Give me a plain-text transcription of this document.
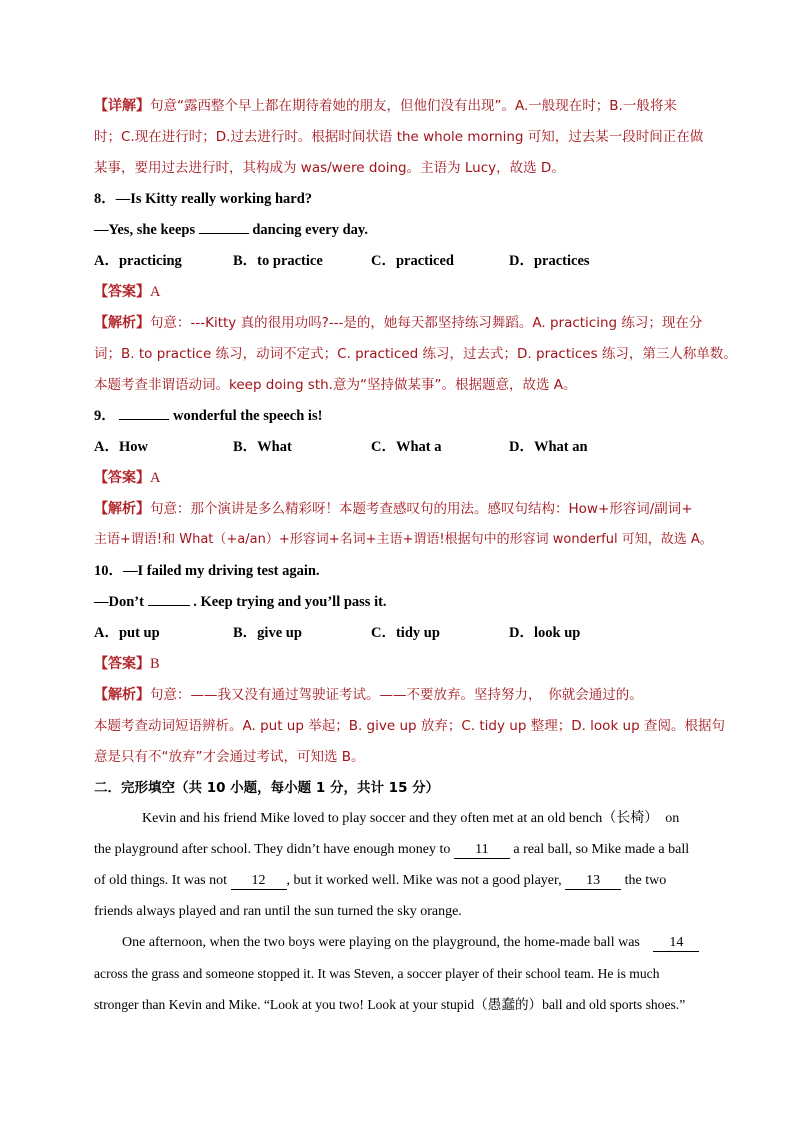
【详解】句意“露西整个早上都在期待着她的朋友，但他们没有出现”。A.一般现在时；B.一般将来
时；C.现在进行时；D.过去进行时。根据时间状语 the whole morning 可知，过去某一段时间正在做
某事，要用过去进行时，其构成为 was/were doing。主语为 Lucy，故选 D。
8．—Is Kitty really working hard?
—Yes, she keeps	dancing every day.
A．practicing	B．to practice	C．practiced	D．practices
【答案】A
【解析】句意：---Kitty 真的很用功吗?---是的，她每天都坚持练习舞蹈。A. practicing 练习；现在分
词；B. to practice 练习，动词不定式；C. practiced 练习，过去式；D. practices 练习，第三人称单数。
本题考查非谓语动词。keep doing sth.意为“坚持做某事”。根据题意，故选 A。
9．	wonderful the speech is!
A．How	B．What	C．What a	D．What an
【答案】A
【解析】句意：那个演讲是多么精彩呀！本题考查感叹句的用法。感叹句结构：How+形容词/副词+
主语+谓语!和 What（+a/an）+形容词+名词+主语+谓语!根据句中的形容词 wonderful 可知，故选 A。
10．—I failed my driving test again.
—Don’t	. Keep trying and you’ll pass it.
A．put up	B．give up	C．tidy up	D．look up
【答案】B
【解析】句意：——我又没有通过驾驶证考试。——不要放弃。坚持努力，　你就会通过的。
本题考查动词短语辨析。A. put up 举起；B. give up 放弃；C. tidy up 整理；D. look up 查阅。根据句
意是只有不“放弃”才会通过考试，可知选 B。
二．完形填空（共 10 小题，每小题 1 分，共计 15 分）
Kevin and his friend Mike loved to play soccer and they often met at an old bench（长椅）　on
the playground after school. They didn’t have enough money to 11 a real ball, so Mike made a ball
of old things. It was not 12 , but it worked well. Mike was not a good player, 13 the two
friends always played and ran until the sun turned the sky orange.
One afternoon, when the two boys were playing on the playground, the home-made ball was 14
across the grass and someone stopped it. It was Steven, a soccer player of their school team. He is much
stronger than Kevin and Mike. “Look at you two! Look at your stupid（愚蠢的）ball and old sports shoes.”
